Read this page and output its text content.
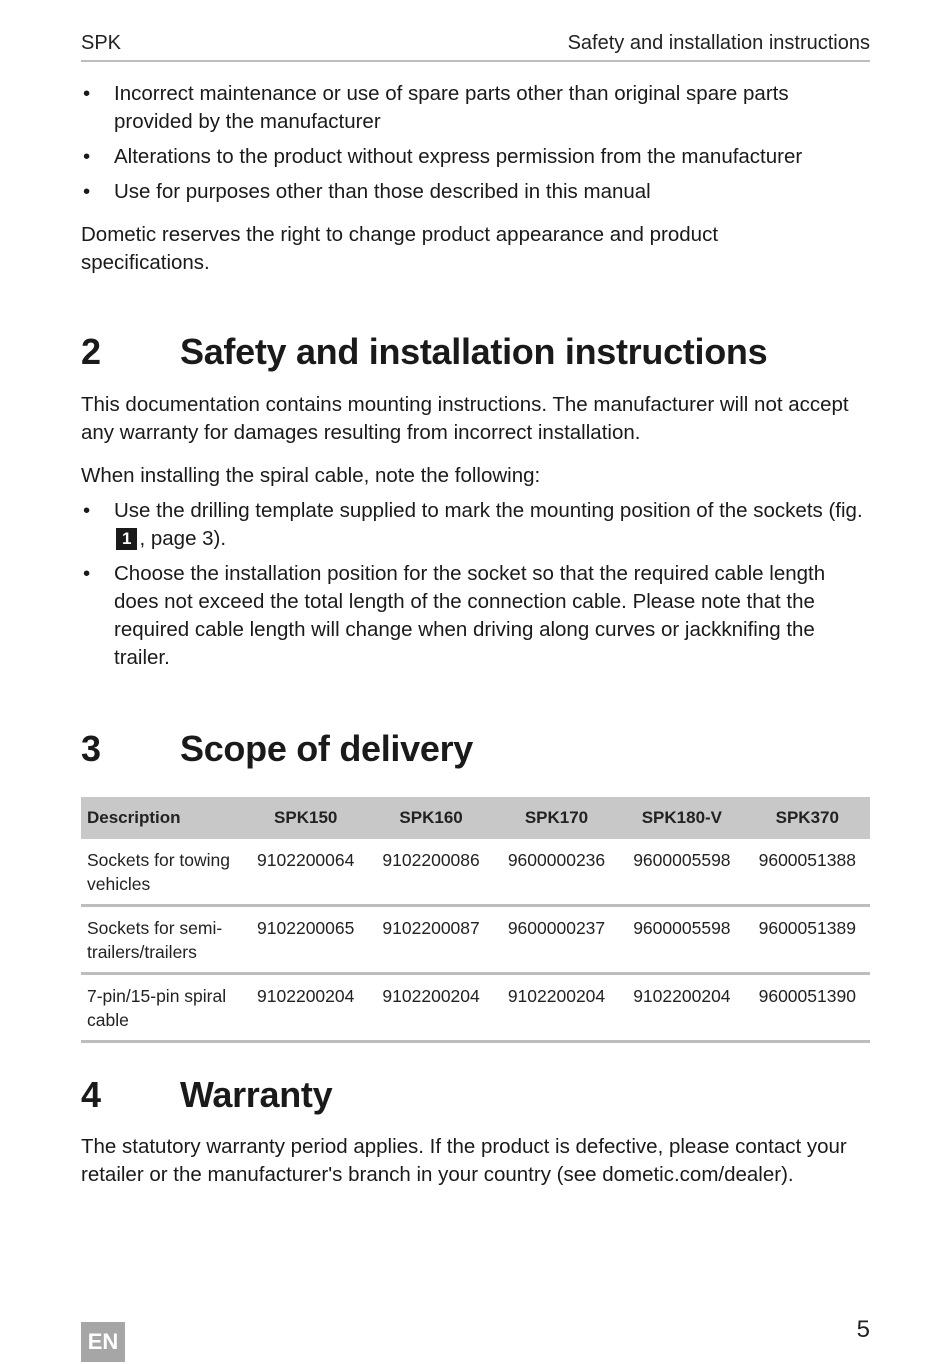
SPK	Safety and installation instructions
• Incorrect maintenance or use of spare parts other than original spare parts provided by the manufacturer
• Alterations to the product without express permission from the manufacturer
• Use for purposes other than those described in this manual

Dometic reserves the right to change product appearance and product specifications.

2 Safety and installation instructions

This documentation contains mounting instructions. The manufacturer will not accept any warranty for damages resulting from incorrect installation.

When installing the spiral cable, note the following:

• Use the drilling template supplied to mark the mounting position of the sockets (fig. 1 , page 3).
• Choose the installation position for the socket so that the required cable length does not exceed the total length of the connection cable. Please note that the required cable length will change when driving along curves or jackknifing the trailer.
3 Scope of delivery
Description	SPK150	SPK160	SPK170	SPK180-V	SPK370
Sockets for towing vehicles	9102200064	9102200086	9600000236	9600005598	9600051388
Sockets for semi-trailers/trailers	9102200065	9102200087	9600000237	9600005598	9600051389
7-pin/15-pin spiral cable	9102200204	9102200204	9102200204	9102200204	9600051390
4 Warranty

The statutory warranty period applies. If the product is defective, please contact your retailer or the manufacturer's branch in your country (see dometic.com/dealer).

EN	5
